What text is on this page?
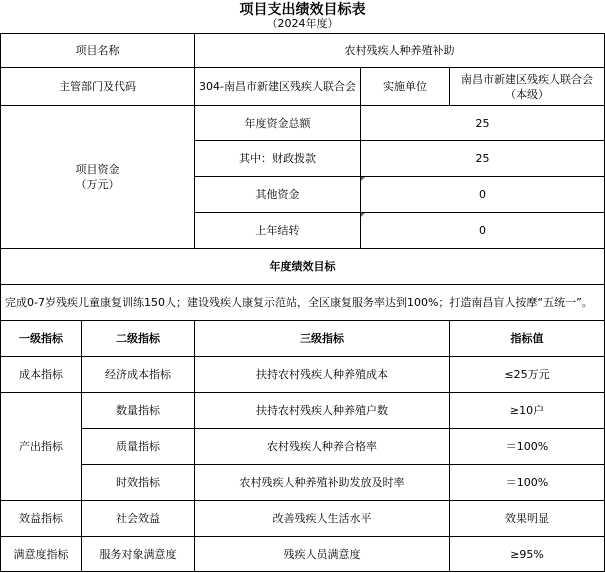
项目支出绩效目标表
（2024年度）
项目名称		农村残疾人种养殖补助		
主管部门及代码		304-南昌市新建区残疾人联合会	实施单位	南昌市新建区残疾人联合会（本级）
项目资金
（万元）		年度资金总额	25	
		其中：财政拨款	25	
		其他资金	0	
		上年结转	0	
年度绩效目标				
完成0-7岁残疾儿童康复训练150人；建设残疾人康复示范站，全区康复服务率达到100%；打造南昌盲人按摩“五统一”。				
一级指标	二级指标	三级指标		指标值
成本指标	经济成本指标	扶持农村残疾人种养殖成本		≤25万元
产出指标	数量指标	扶持农村残疾人种养殖户数		≥10户
	质量指标	农村残疾人种养合格率		＝100%
	时效指标	农村残疾人种养殖补助发放及时率		＝100%
效益指标	社会效益	改善残疾人生活水平		效果明显
满意度指标	服务对象满意度	残疾人员满意度		≥95%
